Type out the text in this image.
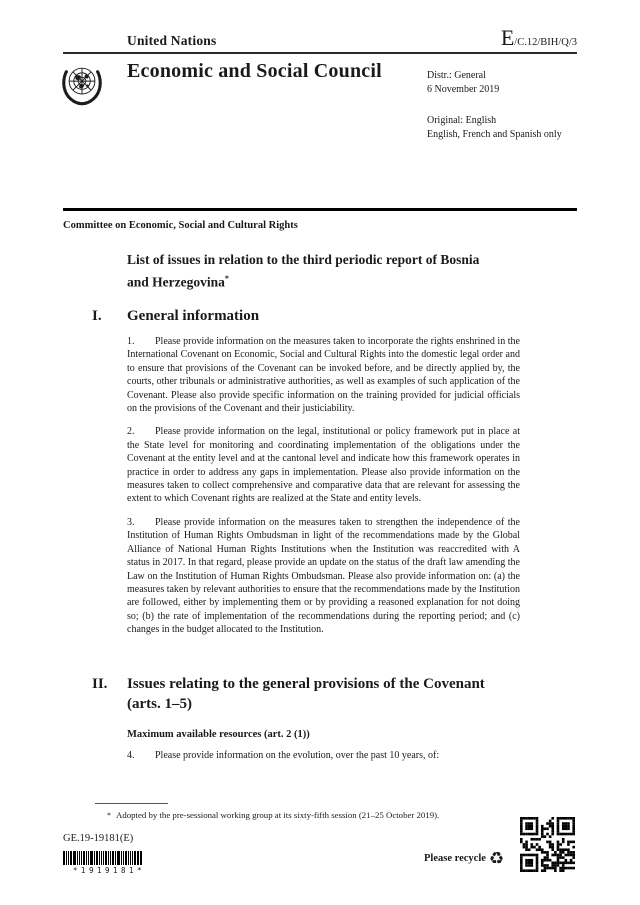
United Nations	E /C.12/BIH/Q/3
Economic and Social Council	Distr.: General
6 November 2019
Original: English
English, French and Spanish only
Committee on Economic, Social and Cultural Rights
List of issues in relation to the third periodic report of Bosnia
and Herzegovina*
I.	General information

1. Please provide information on the measures taken to incorporate the rights enshrined in the International Covenant on Economic, Social and Cultural Rights into the domestic legal order and to ensure that provisions of the Covenant can be invoked before, and be directly applied by, the courts, other tribunals or administrative authorities, as well as examples of such application of the Covenant. Please also provide specific information on the training provided for judicial officials on the provisions of the Covenant and their justiciability.

2. Please provide information on the legal, institutional or policy framework put in place at the State level for monitoring and coordinating implementation of the obligations under the Covenant at the entity level and at the cantonal level and indicate how this framework operates in practice in order to address any gaps in implementation. Please also provide information on the measures taken to collect comprehensive and comparative data that are relevant for assessing the extent to which Covenant rights are realized at the State and entity levels.

3. Please provide information on the measures taken to strengthen the independence of the Institution of Human Rights Ombudsman in light of the recommendations made by the Global Alliance of National Human Rights Institutions when the Institution was reaccredited with A status in 2017. In that regard, please provide an update on the status of the draft law amending the Law on the Institution of Human Rights Ombudsman. Please also provide information on: (a) the measures taken by relevant authorities to ensure that the recommendations made by the Institution are followed, either by implementing them or by providing a reasoned explanation for not doing so; (b) the rate of implementation of the recommendations during the reporting period; and (c) changes in the budget allocated to the Institution.

II.	Issues relating to the general provisions of the Covenant
(arts. 1–5)
Maximum available resources (art. 2 (1))

4. Please provide information on the evolution, over the past 10 years, of:

* Adopted by the pre-sessional working group at its sixty-fifth session (21–25 October 2019).
GE.19-19181(E)
*1919181*
Please recycle ♻
